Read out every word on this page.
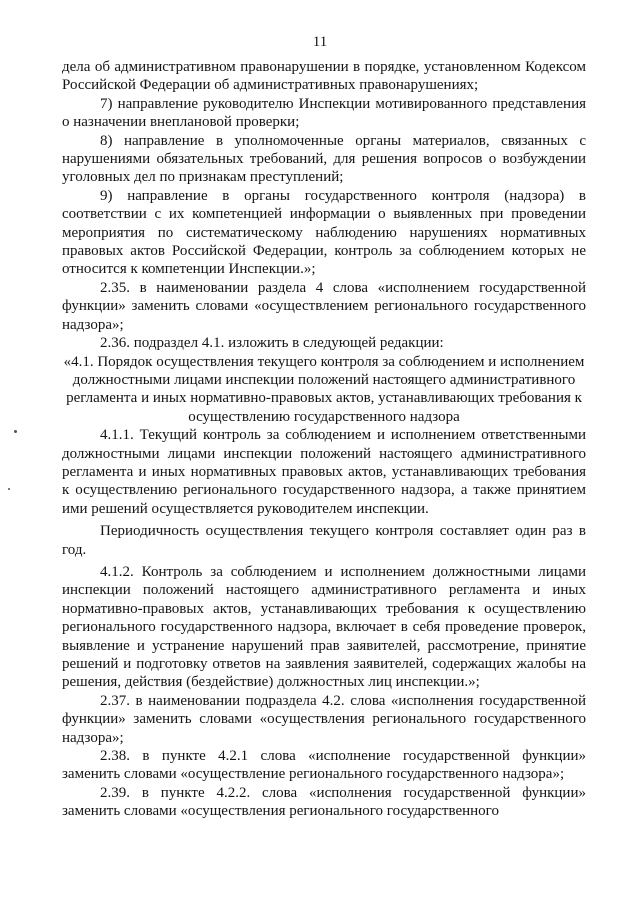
11

дела об административном правонарушении в порядке, установленном Кодексом Российской Федерации об административных правонарушениях;

7) направление руководителю Инспекции мотивированного представления о назначении внеплановой проверки;

8) направление в уполномоченные органы материалов, связанных с нарушениями обязательных требований, для решения вопросов о возбуждении уголовных дел по признакам преступлений;

9) направление в органы государственного контроля (надзора) в соответствии с их компетенцией информации о выявленных при проведении мероприятия по систематическому наблюдению нарушениях нормативных правовых актов Российской Федерации, контроль за соблюдением которых не относится к компетенции Инспекции.»;

2.35. в наименовании раздела 4 слова «исполнением государственной функции» заменить словами «осуществлением регионального государственного надзора»;

2.36. подраздел 4.1. изложить в следующей редакции:

«4.1. Порядок осуществления текущего контроля за соблюдением и исполнением должностными лицами инспекции положений настоящего административного регламента и иных нормативно-правовых актов, устанавливающих требования к осуществлению государственного надзора

4.1.1. Текущий контроль за соблюдением и исполнением ответственными должностными лицами инспекции положений настоящего административного регламента и иных нормативных правовых актов, устанавливающих требования к осуществлению регионального государственного надзора, а также принятием ими решений осуществляется руководителем инспекции.

Периодичность осуществления текущего контроля составляет один раз в год.

4.1.2. Контроль за соблюдением и исполнением должностными лицами инспекции положений настоящего административного регламента и иных нормативно-правовых актов, устанавливающих требования к осуществлению регионального государственного надзора, включает в себя проведение проверок, выявление и устранение нарушений прав заявителей, рассмотрение, принятие решений и подготовку ответов на заявления заявителей, содержащих жалобы на решения, действия (бездействие) должностных лиц инспекции.»;

2.37. в наименовании подраздела 4.2. слова «исполнения государственной функции» заменить словами «осуществления регионального государственного надзора»;

2.38. в пункте 4.2.1 слова «исполнение государственной функции» заменить словами «осуществление регионального государственного надзора»;

2.39. в пункте 4.2.2. слова «исполнения государственной функции» заменить словами «осуществления регионального государственного
